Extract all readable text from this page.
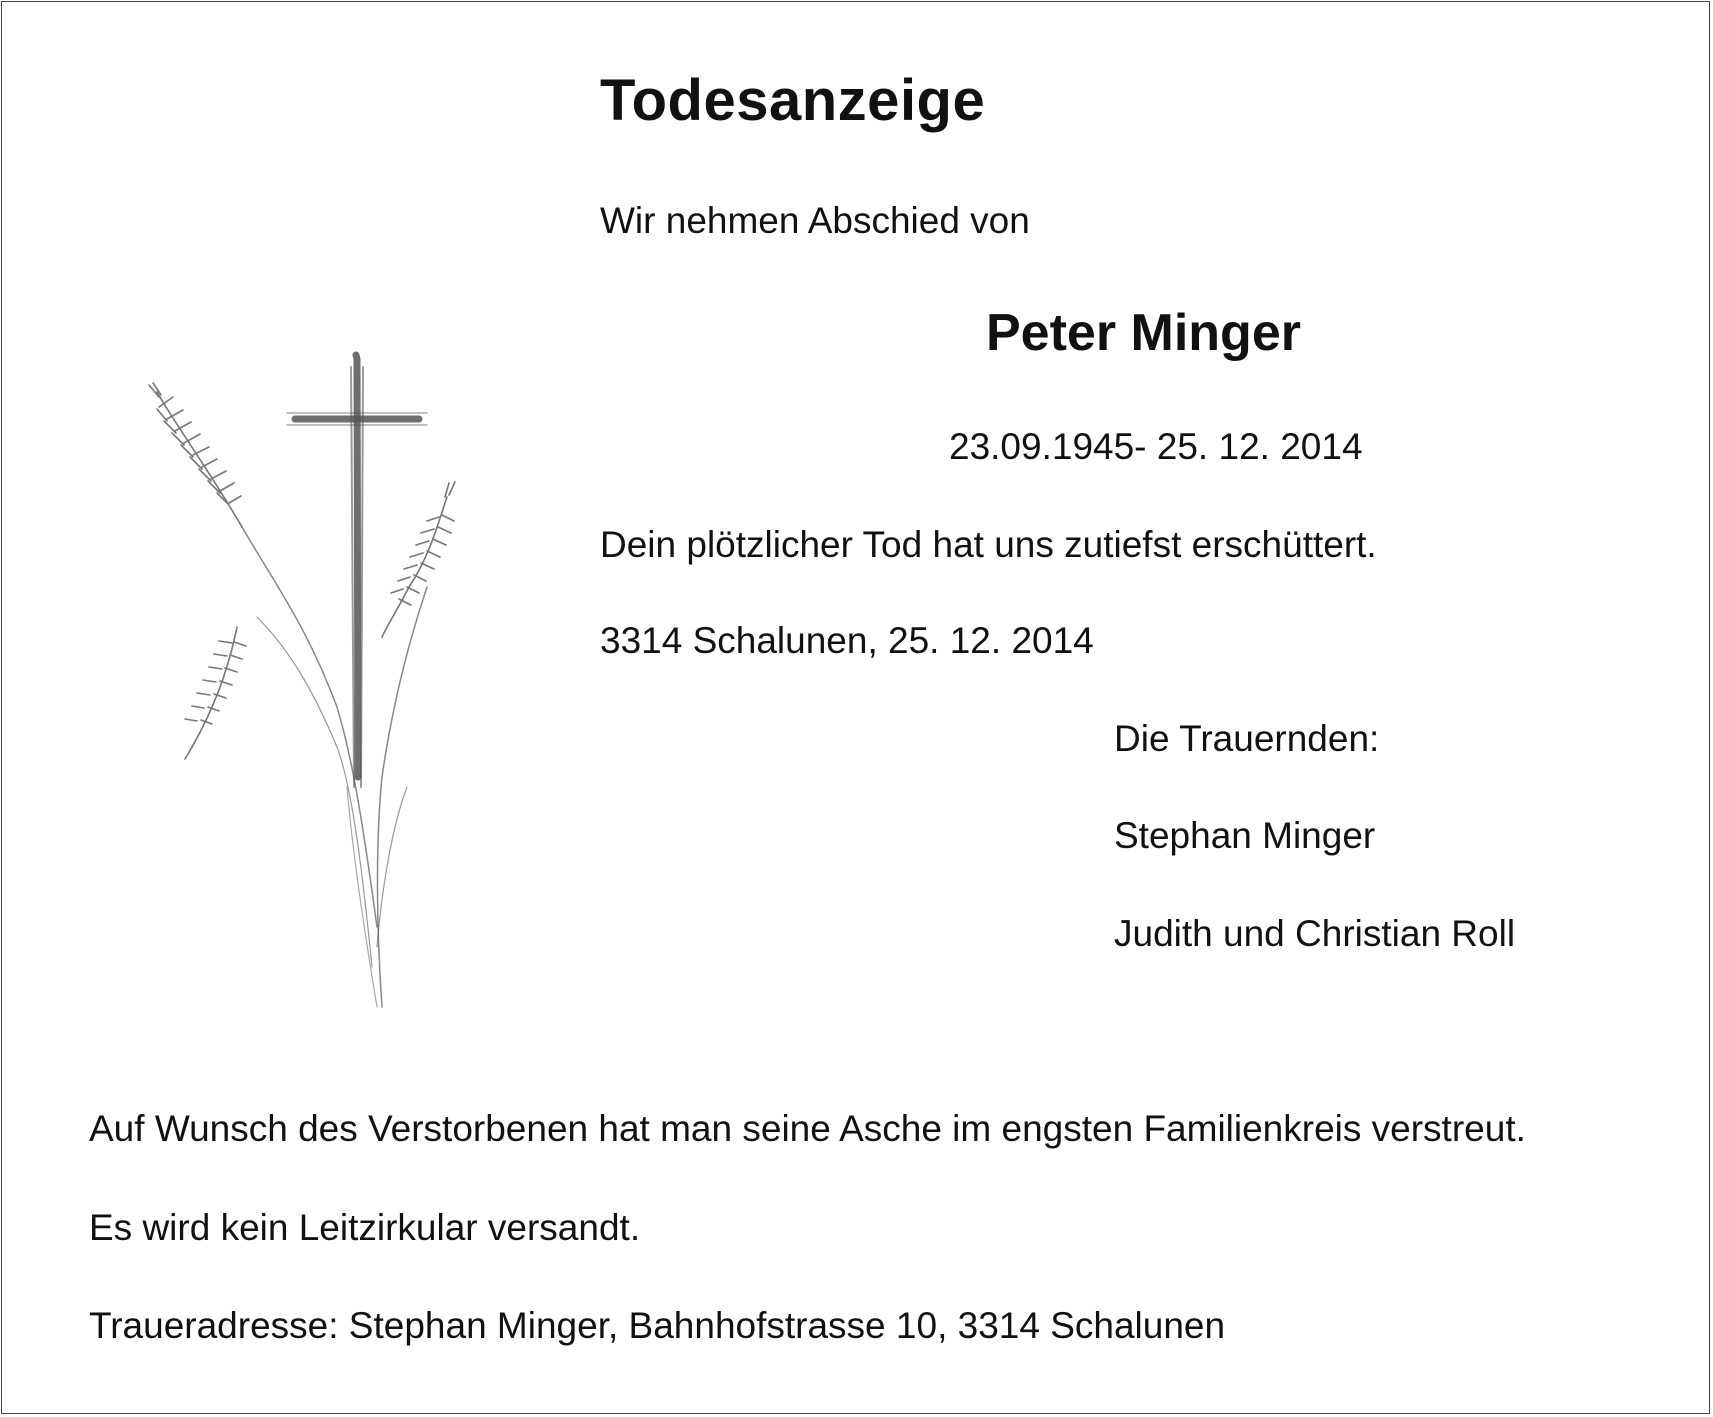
Todesanzeige
Wir nehmen Abschied von
Peter Minger
23.09.1945- 25. 12. 2014
Dein plötzlicher Tod hat uns zutiefst erschüttert.
3314 Schalunen, 25. 12. 2014
Die Trauernden:
Stephan Minger
Judith und Christian Roll
Auf Wunsch des Verstorbenen hat man seine Asche im engsten Familienkreis verstreut.
Es wird kein Leitzirkular versandt.
Traueradresse: Stephan Minger, Bahnhofstrasse 10, 3314 Schalunen
